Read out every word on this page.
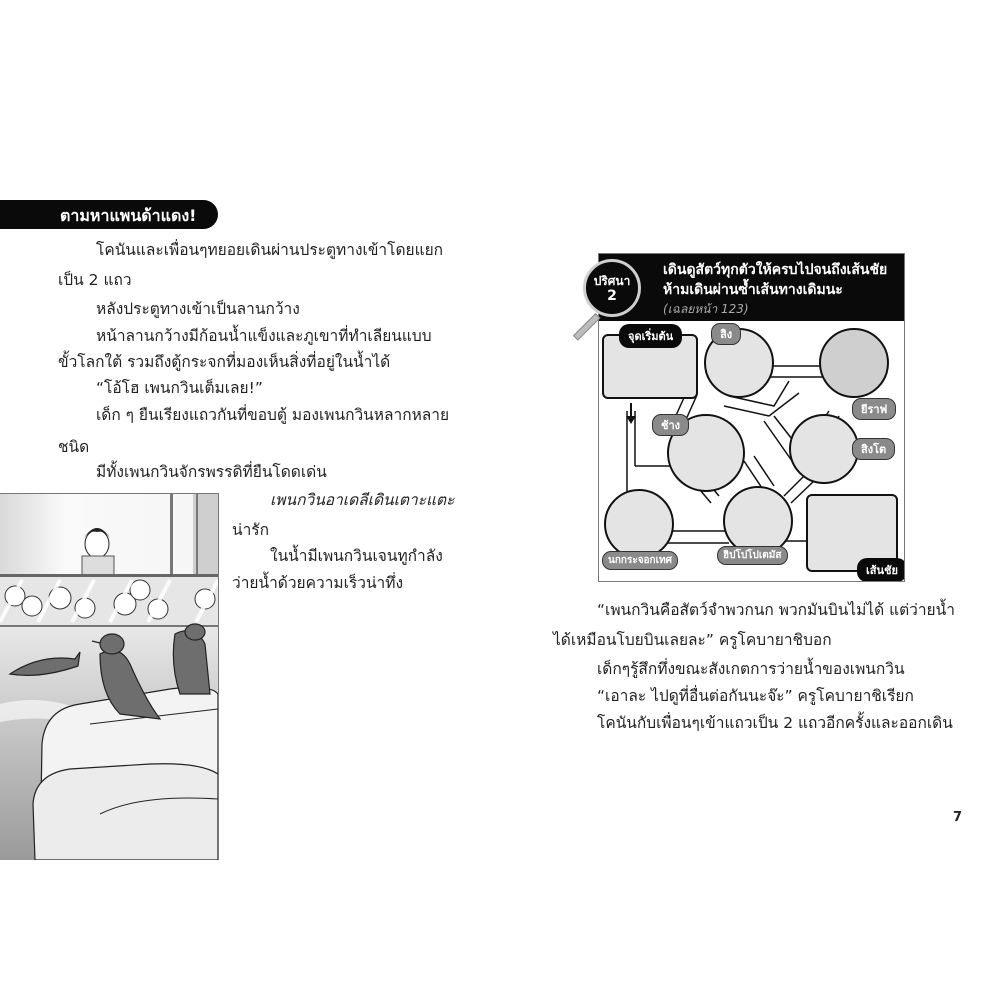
ตามหาแพนด้าแดง!
โคนันและเพื่อนๆทยอยเดินผ่านประตูทางเข้าโดยแยก
เป็น 2 แถว
หลังประตูทางเข้าเป็นลานกว้าง
หน้าลานกว้างมีก้อนน้ำแข็งและภูเขาที่ทำเลียนแบบ
ขั้วโลกใต้ รวมถึงตู้กระจกที่มองเห็นสิ่งที่อยู่ในน้ำได้
“โอ้โฮ เพนกวินเต็มเลย!”
เด็ก ๆ ยืนเรียงแถวกันที่ขอบตู้ มองเพนกวินหลากหลาย
ชนิด
มีทั้งเพนกวินจักรพรรดิที่ยืนโดดเด่น
เพนกวินอาเดลีเดินเตาะแตะ
น่ารัก
ในน้ำมีเพนกวินเจนทูกำลัง
ว่ายน้ำด้วยความเร็วน่าทึ่ง
เดินดูสัตว์ทุกตัวให้ครบไปจนถึงเส้นชัย
ห้ามเดินผ่านซ้ำเส้นทางเดิมนะ
(เฉลยหน้า 123)
จุดเริ่มต้น	ลิง
ยีราฟ
ช้าง
สิงโต
นกกระจอกเทศ	ฮิปโปโปเตมัส
เส้นชัย
ปริศนา
2
“เพนกวินคือสัตว์จำพวกนก พวกมันบินไม่ได้ แต่ว่ายน้ำ
ได้เหมือนโบยบินเลยละ” ครูโคบายาชิบอก
เด็กๆรู้สึกทึ่งขณะสังเกตการว่ายน้ำของเพนกวิน
“เอาละ ไปดูที่อื่นต่อกันนะจ๊ะ” ครูโคบายาชิเรียก
โคนันกับเพื่อนๆเข้าแถวเป็น 2 แถวอีกครั้งและออกเดิน
7
